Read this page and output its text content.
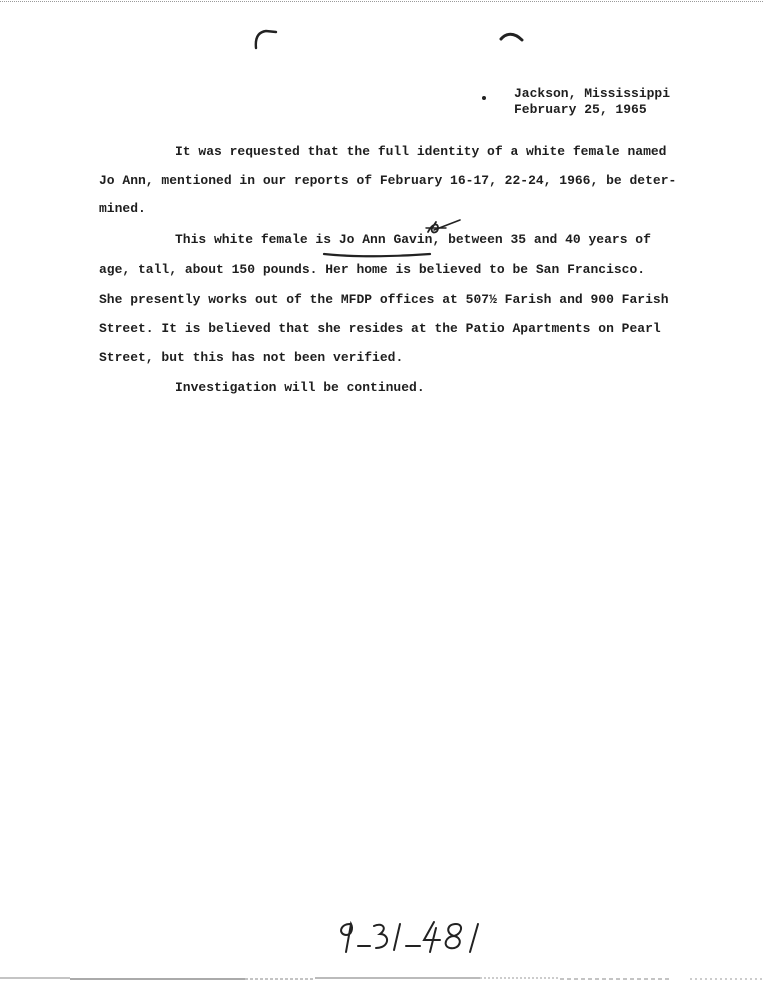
Jackson, Mississippi
February 25, 1965
It was requested that the full identity of a white female named
Jo Ann, mentioned in our reports of February 16-17, 22-24, 1966, be deter-
mined.
This white female is Jo Ann Gavin, between 35 and 40 years of
age, tall, about 150 pounds. Her home is believed to be San Francisco.
She presently works out of the MFDP offices at 507½ Farish and 900 Farish
Street. It is believed that she resides at the Patio Apartments on Pearl
Street, but this has not been verified.
Investigation will be continued.
